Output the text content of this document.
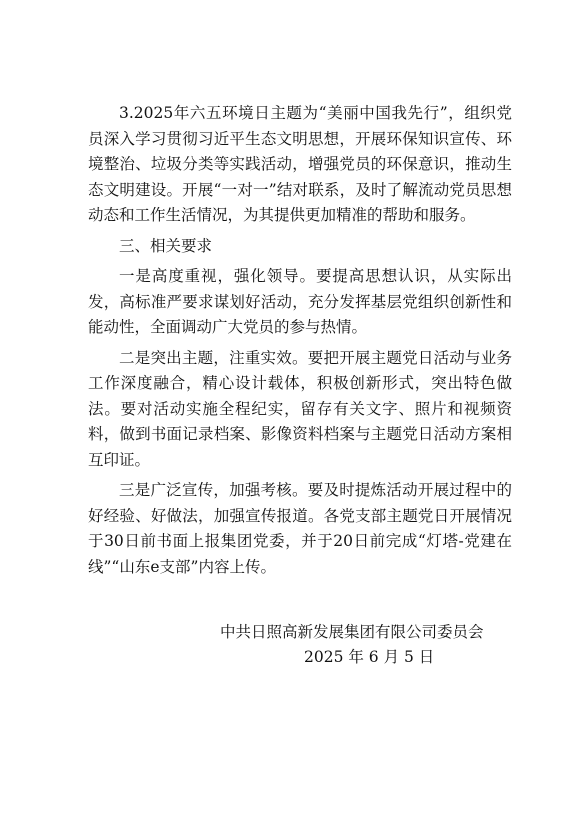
3.2025年六五环境日主题为“美丽中国我先行”，组织党员深入学习贯彻习近平生态文明思想，开展环保知识宣传、环境整治、垃圾分类等实践活动，增强党员的环保意识，推动生态文明建设。开展“一对一”结对联系，及时了解流动党员思想动态和工作生活情况，为其提供更加精准的帮助和服务。

三、相关要求

一是高度重视，强化领导。要提高思想认识，从实际出发，高标准严要求谋划好活动，充分发挥基层党组织创新性和能动性，全面调动广大党员的参与热情。

二是突出主题，注重实效。要把开展主题党日活动与业务工作深度融合，精心设计载体，积极创新形式，突出特色做法。要对活动实施全程纪实，留存有关文字、照片和视频资料，做到书面记录档案、影像资料档案与主题党日活动方案相互印证。

三是广泛宣传，加强考核。要及时提炼活动开展过程中的好经验、好做法，加强宣传报道。各党支部主题党日开展情况于30日前书面上报集团党委，并于20日前完成“灯塔-党建在线”“山东e支部”内容上传。

中共日照高新发展集团有限公司委员会

2025 年 6 月 5 日
